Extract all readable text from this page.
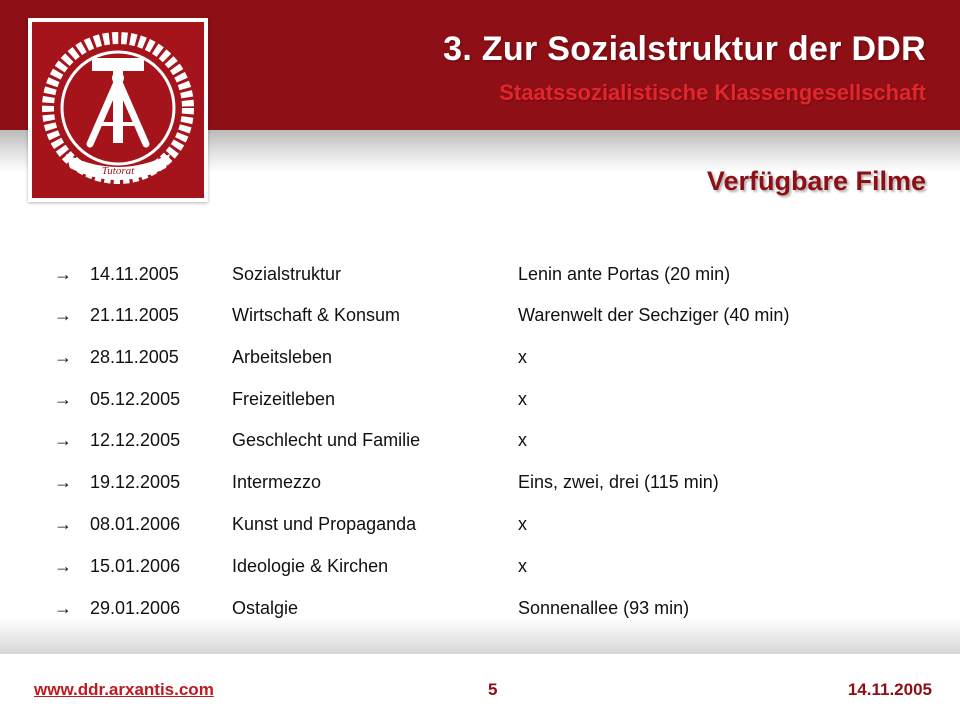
Tutorat
3. Zur Sozialstruktur der DDR
Staatssozialistische Klassengesellschaft
Verfügbare Filme
→ 14.11.2005	Sozialstruktur	Lenin ante Portas (20 min)
→ 21.11.2005	Wirtschaft & Konsum	Warenwelt der Sechziger (40 min)
→ 28.11.2005	Arbeitsleben	x
→ 05.12.2005	Freizeitleben	x
→ 12.12.2005	Geschlecht und Familie	x
→ 19.12.2005	Intermezzo	Eins, zwei, drei (115 min)
→ 08.01.2006	Kunst und Propaganda	x
→ 15.01.2006	Ideologie & Kirchen	x
→ 29.01.2006	Ostalgie	Sonnenallee (93 min)
www.ddr.arxantis.com	5	14.11.2005
